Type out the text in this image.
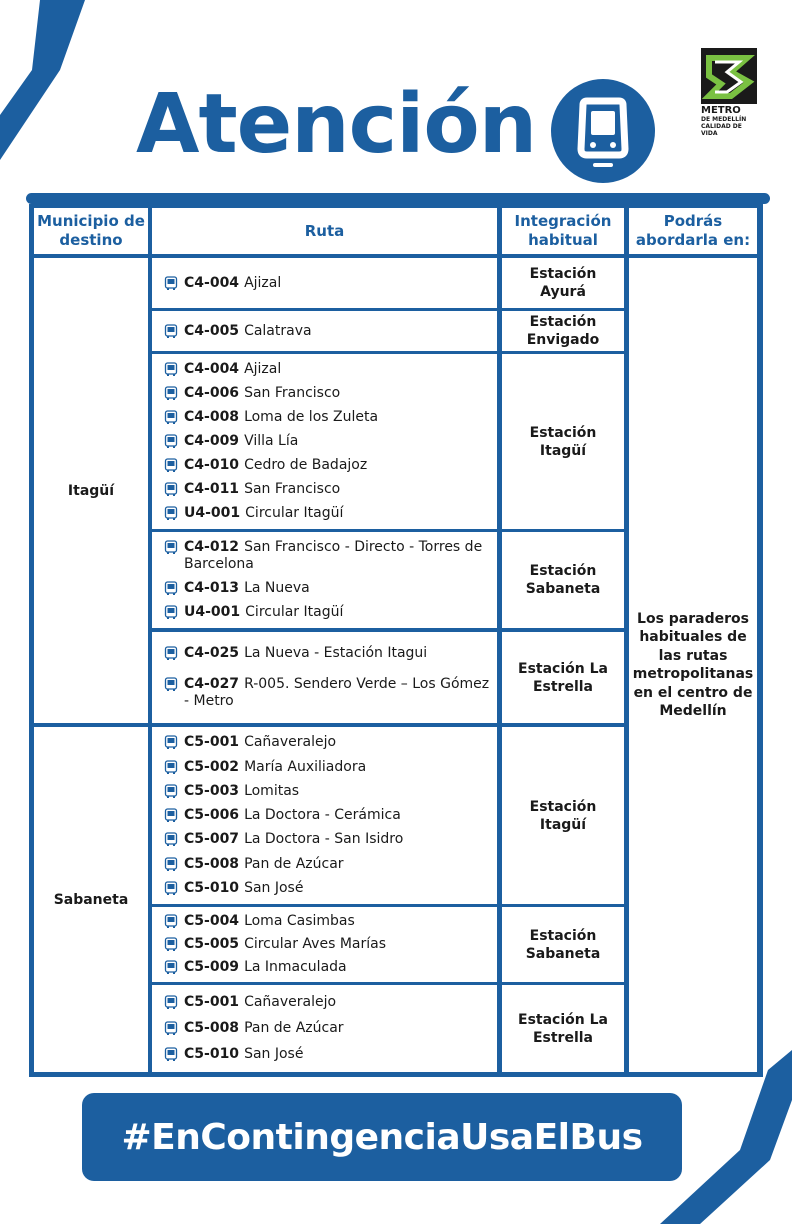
Atención	METRO
DE MEDELLÍN
CALIDAD DE VIDA
Municipio de destino
Ruta
Integración habitual
Podrás abordarla en:
Itagüí
Sabaneta
Los paraderos habituales de las rutas metropolitanas en el centro de Medellín
C4-004 Ajizal
Estación Ayurá
C4-005 Calatrava
Estación Envigado
C4-004 Ajizal
C4-006 San Francisco
C4-008 Loma de los Zuleta
C4-009 Villa Lía
C4-010 Cedro de Badajoz
C4-011 San Francisco
U4-001 Circular Itagüí
Estación Itagüí
C4-012 San Francisco - Directo - Torres de Barcelona
C4-013 La Nueva
U4-001 Circular Itagüí
Estación Sabaneta
C4-025 La Nueva - Estación Itagui
C4-027 R-005. Sendero Verde – Los Gómez - Metro
Estación La Estrella
C5-001 Cañaveralejo
C5-002 María Auxiliadora
C5-003 Lomitas
C5-006 La Doctora - Cerámica
C5-007 La Doctora - San Isidro
C5-008 Pan de Azúcar
C5-010 San José
Estación Itagüí
C5-004 Loma Casimbas
C5-005 Circular Aves Marías
C5-009 La Inmaculada
Estación Sabaneta
C5-001 Cañaveralejo
C5-008 Pan de Azúcar
C5-010 San José
Estación La Estrella
#EnContingenciaUsaElBus
